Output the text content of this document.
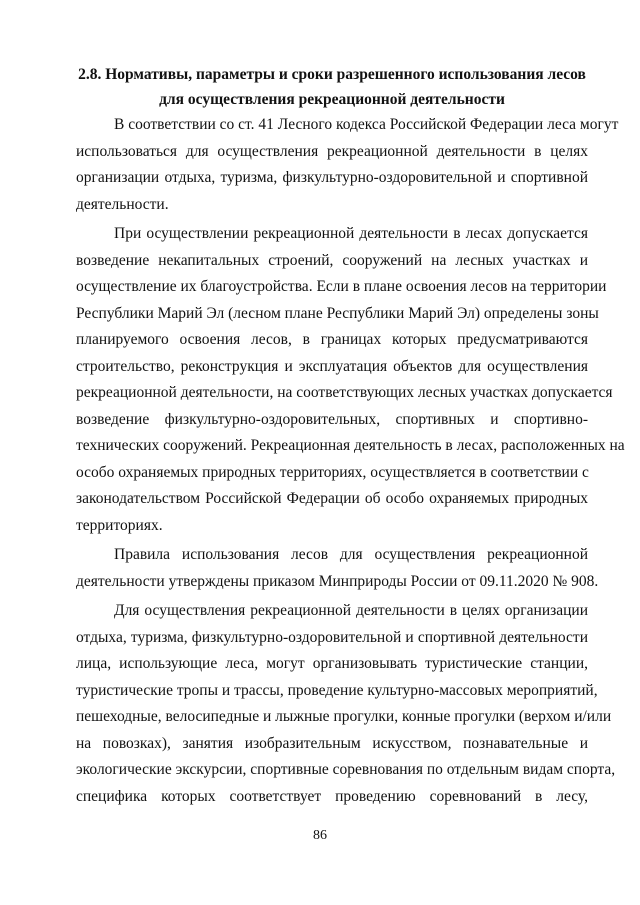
2.8. Нормативы, параметры и сроки разрешенного использования лесов
для осуществления рекреационной деятельности

В соответствии со ст. 41 Лесного кодекса Российской Федерации леса могут
использоваться для осуществления рекреационной деятельности в целях
организации отдыха, туризма, физкультурно-оздоровительной и спортивной
деятельности.

При осуществлении рекреационной деятельности в лесах допускается
возведение некапитальных строений, сооружений на лесных участках и
осуществление их благоустройства. Если в плане освоения лесов на территории
Республики Марий Эл (лесном плане Республики Марий Эл) определены зоны
планируемого освоения лесов, в границах которых предусматриваются
строительство, реконструкция и эксплуатация объектов для осуществления
рекреационной деятельности, на соответствующих лесных участках допускается
возведение физкультурно-оздоровительных, спортивных и спортивно-
технических сооружений. Рекреационная деятельность в лесах, расположенных на
особо охраняемых природных территориях, осуществляется в соответствии с
законодательством Российской Федерации об особо охраняемых природных
территориях.

Правила использования лесов для осуществления рекреационной
деятельности утверждены приказом Минприроды России от 09.11.2020 № 908.

Для осуществления рекреационной деятельности в целях организации
отдыха, туризма, физкультурно-оздоровительной и спортивной деятельности
лица, использующие леса, могут организовывать туристические станции,
туристические тропы и трассы, проведение культурно-массовых мероприятий,
пешеходные, велосипедные и лыжные прогулки, конные прогулки (верхом и/или
на повозках), занятия изобразительным искусством, познавательные и
экологические экскурсии, спортивные соревнования по отдельным видам спорта,
специфика которых соответствует проведению соревнований в лесу,

86
